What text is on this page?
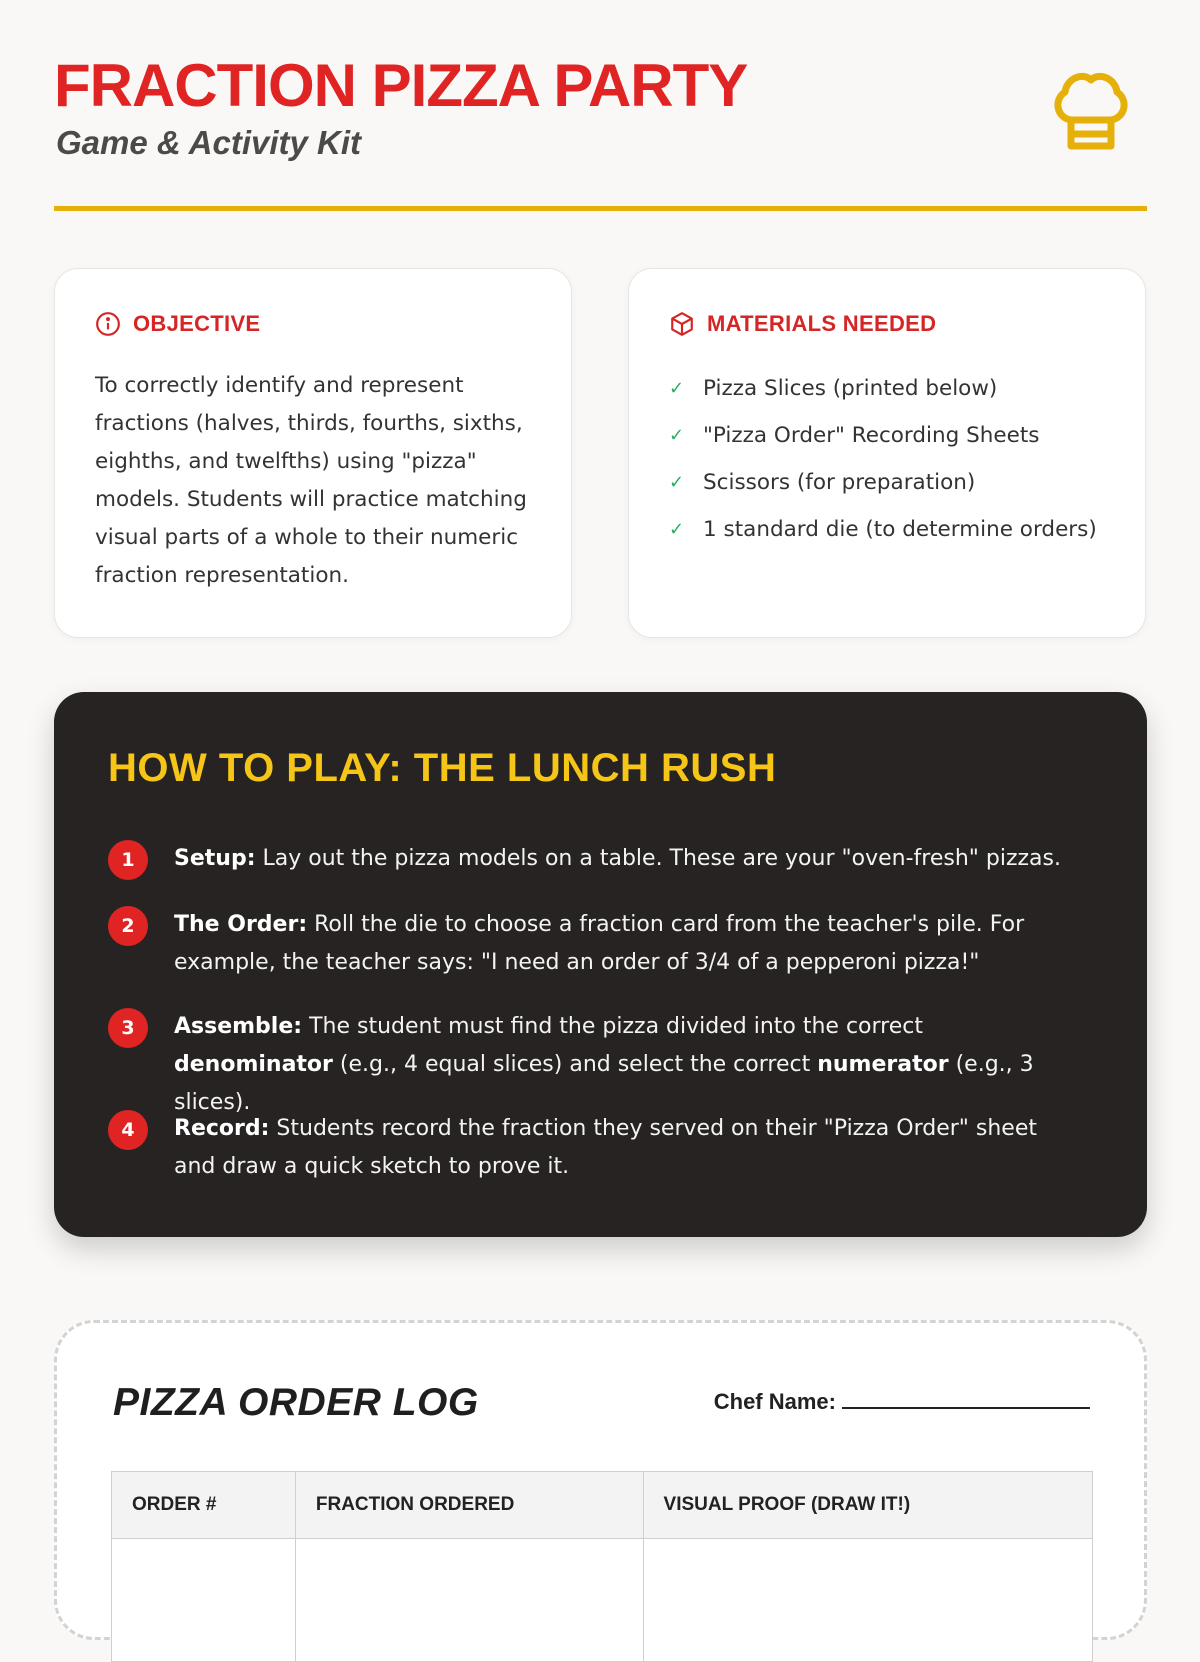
FRACTION PIZZA PARTY
Game & Activity Kit
OBJECTIVE
To correctly identify and represent fractions (halves, thirds, fourths, sixths, eighths, and twelfths) using "pizza" models. Students will practice matching visual parts of a whole to their numeric fraction representation.
MATERIALS NEEDED
✓ Pizza Slices (printed below)
✓ "Pizza Order" Recording Sheets
✓ Scissors (for preparation)
✓ 1 standard die (to determine orders)
HOW TO PLAY: THE LUNCH RUSH
1	Setup: Lay out the pizza models on a table. These are your "oven-fresh" pizzas.
2	The Order: Roll the die to choose a fraction card from the teacher's pile. For example, the teacher says: "I need an order of 3/4 of a pepperoni pizza!"
3	Assemble: The student must find the pizza divided into the correct denominator (e.g., 4 equal slices) and select the correct numerator (e.g., 3 slices).
4	Record: Students record the fraction they served on their "Pizza Order" sheet and draw a quick sketch to prove it.
PIZZA ORDER LOG	Chef Name:
ORDER #	FRACTION ORDERED	VISUAL PROOF (DRAW IT!)
